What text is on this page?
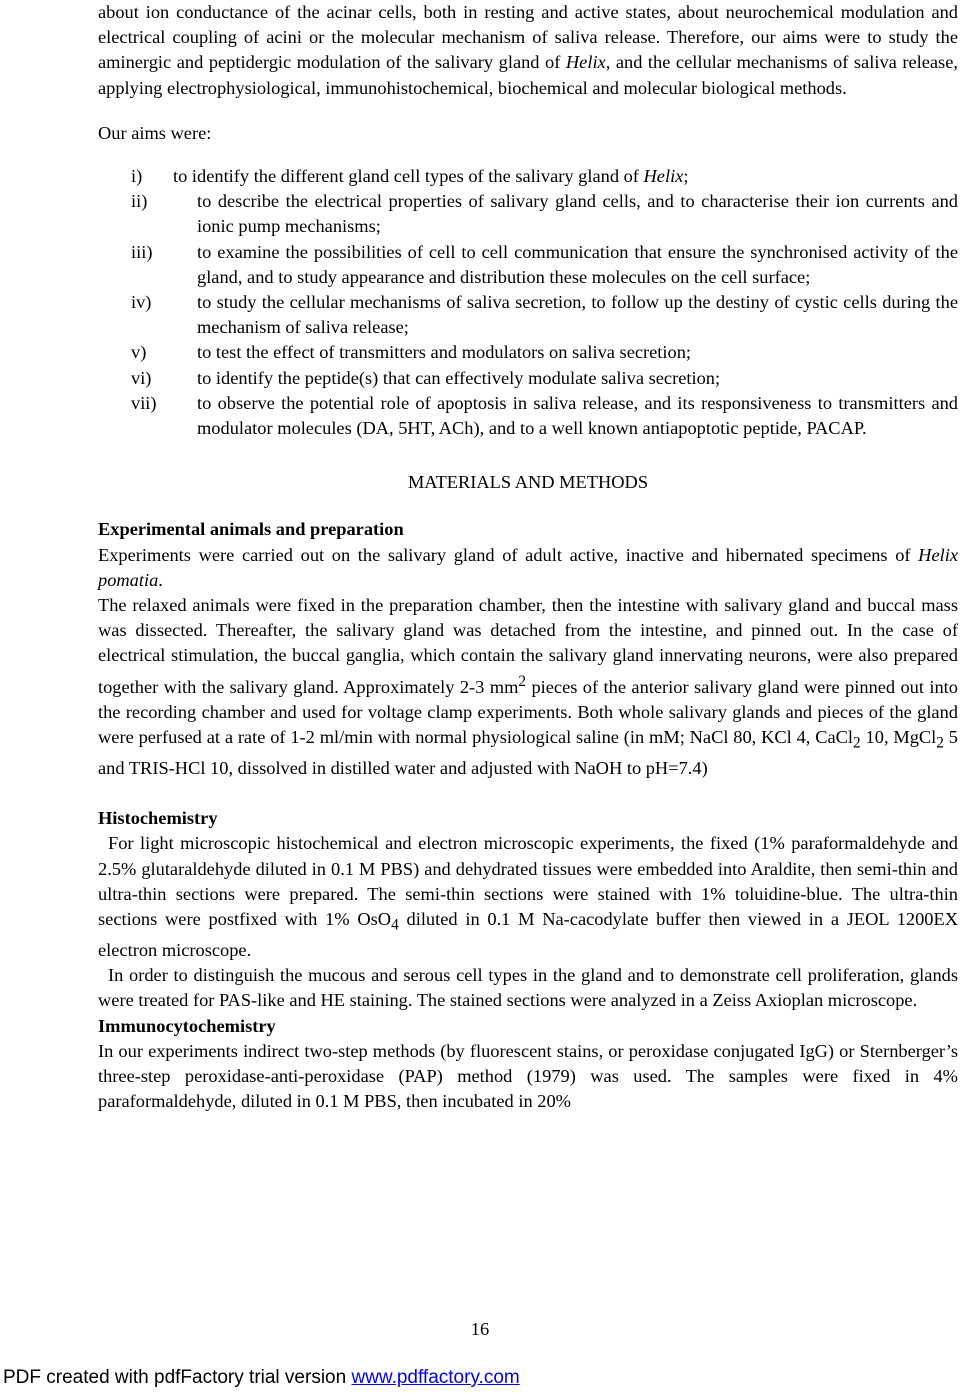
about ion conductance of the acinar cells, both in resting and active states, about neurochemical modulation and electrical coupling of acini or the molecular mechanism of saliva release. Therefore, our aims were to study the aminergic and peptidergic modulation of the salivary gland of Helix, and the cellular mechanisms of saliva release, applying electrophysiological, immunohistochemical, biochemical and molecular biological methods.

Our aims were:

i)	to identify the different gland cell types of the salivary gland of Helix;
ii)	to describe the electrical properties of salivary gland cells, and to characterise their ion currents and ionic pump mechanisms;
iii)	to examine the possibilities of cell to cell communication that ensure the synchronised activity of the gland, and to study appearance and distribution these molecules on the cell surface;
iv)	to study the cellular mechanisms of saliva secretion, to follow up the destiny of cystic cells during the mechanism of saliva release;
v)	to test the effect of transmitters and modulators on saliva secretion;
vi)	to identify the peptide(s) that can effectively modulate saliva secretion;
vii)	to observe the potential role of apoptosis in saliva release, and its responsiveness to transmitters and modulator molecules (DA, 5HT, ACh), and to a well known antiapoptotic peptide, PACAP.

MATERIALS AND METHODS

Experimental animals and preparation

Experiments were carried out on the salivary gland of adult active, inactive and hibernated specimens of Helix pomatia.

The relaxed animals were fixed in the preparation chamber, then the intestine with salivary gland and buccal mass was dissected. Thereafter, the salivary gland was detached from the intestine, and pinned out. In the case of electrical stimulation, the buccal ganglia, which contain the salivary gland innervating neurons, were also prepared together with the salivary gland. Approximately 2-3 $mm^2$ pieces of the anterior salivary gland were pinned out into the recording chamber and used for voltage clamp experiments. Both whole salivary glands and pieces of the gland were perfused at a rate of 1-2 ml/min with normal physiological saline (in mM; NaCl 80, KCl 4, CaCl$_2$ 10, MgCl$_2$ 5 and TRIS-HCl 10, dissolved in distilled water and adjusted with NaOH to pH=7.4)

Histochemistry

For light microscopic histochemical and electron microscopic experiments, the fixed (1% paraformaldehyde and 2.5% glutaraldehyde diluted in 0.1 M PBS) and dehydrated tissues were embedded into Araldite, then semi-thin and ultra-thin sections were prepared. The semi-thin sections were stained with 1% toluidine-blue. The ultra-thin sections were postfixed with 1% OsO$_4$ diluted in 0.1 M Na-cacodylate buffer then viewed in a JEOL 1200EX electron microscope.

In order to distinguish the mucous and serous cell types in the gland and to demonstrate cell proliferation, glands were treated for PAS-like and HE staining. The stained sections were analyzed in a Zeiss Axioplan microscope.

Immunocytochemistry

In our experiments indirect two-step methods (by fluorescent stains, or peroxidase conjugated IgG) or Sternberger’s three-step peroxidase-anti-peroxidase (PAP) method (1979) was used. The samples were fixed in 4% paraformaldehyde, diluted in 0.1 M PBS, then incubated in 20%

16
PDF created with pdfFactory trial version www.pdffactory.com
